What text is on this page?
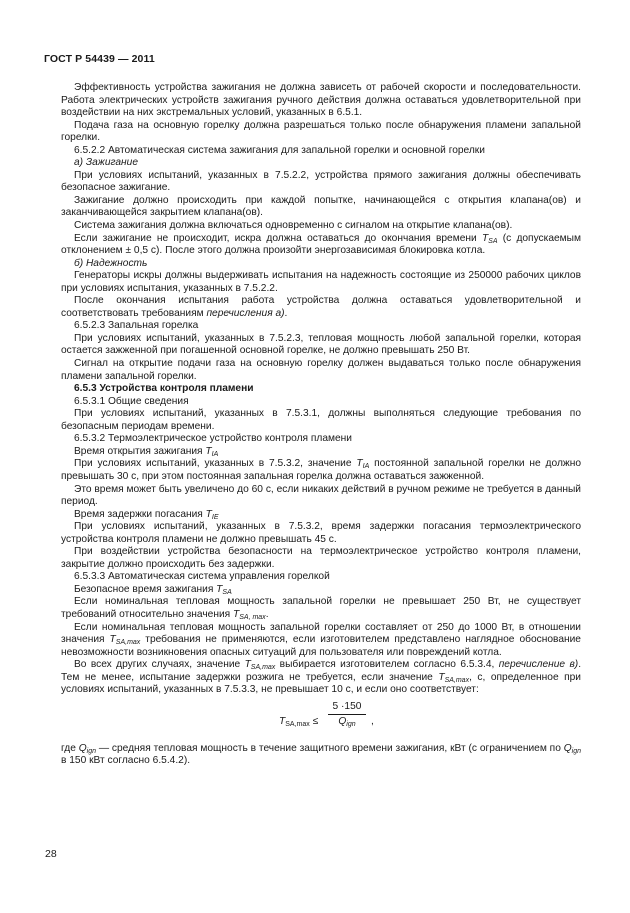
ГОСТ Р 54439 — 2011

Эффективность устройства зажигания не должна зависеть от рабочей скорости и последовательности. Работа электрических устройств зажигания ручного действия должна оставаться удовлетворительной при воздействии на них экстремальных условий, указанных в 6.5.1.

Подача газа на основную горелку должна разрешаться только после обнаружения пламени запальной горелки.

6.5.2.2 Автоматическая система зажигания для запальной горелки и основной горелки

а) Зажигание

При условиях испытаний, указанных в 7.5.2.2, устройства прямого зажигания должны обеспечивать безопасное зажигание.

Зажигание должно происходить при каждой попытке, начинающейся с открытия клапана(ов) и заканчивающейся закрытием клапана(ов).

Система зажигания должна включаться одновременно с сигналом на открытие клапана(ов).

Если зажигание не происходит, искра должна оставаться до окончания времени $T_{SA}$ (с допускаемым отклонением ± 0,5 с). После этого должна произойти энергозависимая блокировка котла.

б) Надежность

Генераторы искры должны выдерживать испытания на надежность состоящие из 250000 рабочих циклов при условиях испытания, указанных в 7.5.2.2.

После окончания испытания работа устройства должна оставаться удовлетворительной и соответствовать требованиям перечисления а).

6.5.2.3 Запальная горелка

При условиях испытаний, указанных в 7.5.2.3, тепловая мощность любой запальной горелки, которая остается зажженной при погашенной основной горелке, не должно превышать 250 Вт.

Сигнал на открытие подачи газа на основную горелку должен выдаваться только после обнаружения пламени запальной горелки.

6.5.3 Устройства контроля пламени

6.5.3.1 Общие сведения

При условиях испытаний, указанных в 7.5.3.1, должны выполняться следующие требования по безопасным периодам времени.

6.5.3.2 Термоэлектрическое устройство контроля пламени

Время открытия зажигания $T_{IA}$

При условиях испытаний, указанных в 7.5.3.2, значение $T_{IA}$ постоянной запальной горелки не должно превышать 30 с, при этом постоянная запальная горелка должна оставаться зажженной.

Это время может быть увеличено до 60 с, если никаких действий в ручном режиме не требуется в данный период.

Время задержки погасания $T_{IE}$

При условиях испытаний, указанных в 7.5.3.2, время задержки погасания термоэлектрического устройства контроля пламени не должно превышать 45 с.

При воздействии устройства безопасности на термоэлектрическое устройство контроля пламени, закрытие должно происходить без задержки.

6.5.3.3 Автоматическая система управления горелкой

Безопасное время зажигания $T_{SA}$

Если номинальная тепловая мощность запальной горелки не превышает 250 Вт, не существует требований относительно значения $T_{SA, max}$.

Если номинальная тепловая мощность запальной горелки составляет от 250 до 1000 Вт, в отношении значения $T_{SA,max}$ требования не применяются, если изготовителем представлено наглядное обоснование невозможности возникновения опасных ситуаций для пользователя или повреждений котла.

Во всех других случаях, значение $T_{SA,max}$ выбирается изготовителем согласно 6.5.3.4, перечисление в). Тем не менее, испытание задержки розжига не требуется, если значение $T_{SA,max}$, с, определенное при условиях испытаний, указанных в 7.5.3.3, не превышает 10 с, и если оно соответствует:

$T_{SA,max}$ ≤
5 ·150
$Q_{ign}$	,

где $Q_{ign}$ — средняя тепловая мощность в течение защитного времени зажигания, кВт (с ограничением по $Q_{ign}$ в 150 кВт согласно 6.5.4.2).

28
